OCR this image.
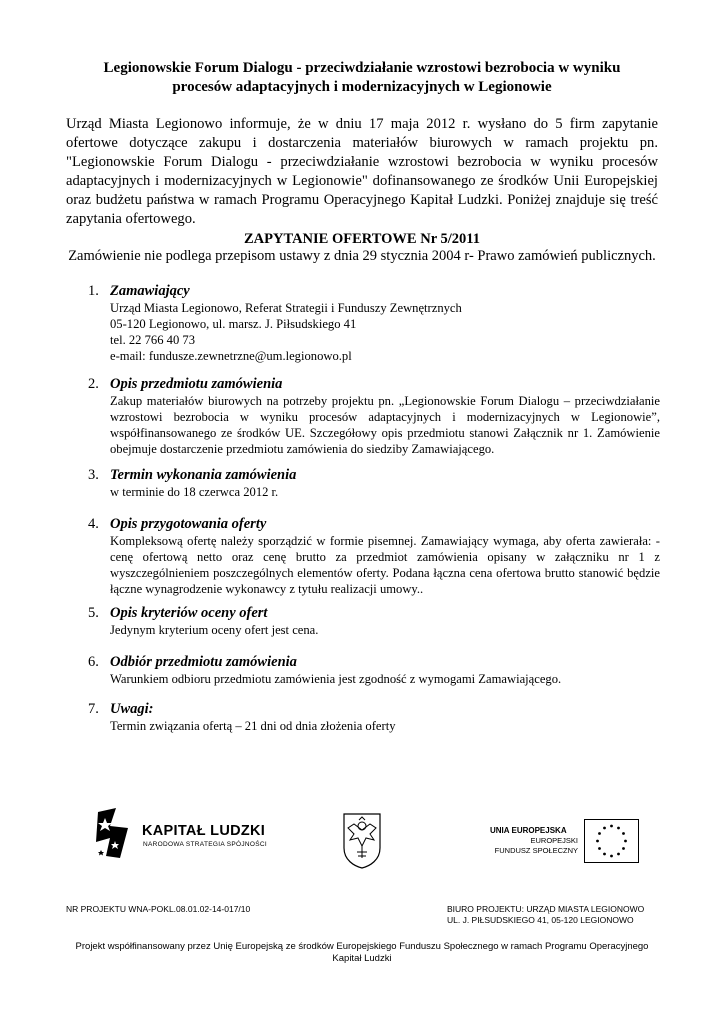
Legionowskie Forum Dialogu - przeciwdziałanie wzrostowi bezrobocia w wyniku
procesów adaptacyjnych i modernizacyjnych w Legionowie
Urząd Miasta Legionowo informuje, że w dniu 17 maja 2012 r. wysłano do 5 firm zapytanie ofertowe dotyczące zakupu i dostarczenia materiałów biurowych w ramach projektu pn. "Legionowskie Forum Dialogu - przeciwdziałanie wzrostowi bezrobocia w wyniku procesów adaptacyjnych i modernizacyjnych w Legionowie" dofinansowanego ze środków Unii Europejskiej oraz budżetu państwa w ramach Programu Operacyjnego Kapitał Ludzki. Poniżej znajduje się treść zapytania ofertowego.
ZAPYTANIE OFERTOWE Nr 5/2011
Zamówienie nie podlega przepisom ustawy z dnia 29 stycznia 2004 r- Prawo zamówień publicznych.
1. Zamawiający
Urząd Miasta Legionowo, Referat Strategii i Funduszy Zewnętrznych
05-120 Legionowo, ul. marsz. J. Piłsudskiego 41
tel. 22 766 40 73
e-mail: fundusze.zewnetrzne@um.legionowo.pl
2. Opis przedmiotu zamówienia
Zakup materiałów biurowych na potrzeby projektu pn. „Legionowskie Forum Dialogu – przeciwdziałanie wzrostowi bezrobocia w wyniku procesów adaptacyjnych i modernizacyjnych w Legionowie”, współfinansowanego ze środków UE. Szczegółowy opis przedmiotu stanowi Załącznik nr 1. Zamówienie obejmuje dostarczenie przedmiotu zamówienia do siedziby Zamawiającego.
3. Termin wykonania zamówienia
w terminie do 18 czerwca 2012 r.
4. Opis przygotowania oferty
Kompleksową ofertę należy sporządzić w formie pisemnej. Zamawiający wymaga, aby oferta zawierała: - cenę ofertową netto oraz cenę brutto za przedmiot zamówienia opisany w załączniku nr 1 z wyszczególnieniem poszczególnych elementów oferty. Podana łączna cena ofertowa brutto stanowić będzie łączne wynagrodzenie wykonawcy z tytułu realizacji umowy..
5. Opis kryteriów oceny ofert
Jedynym kryterium oceny ofert jest cena.
6. Odbiór przedmiotu zamówienia
Warunkiem odbioru przedmiotu zamówienia jest zgodność z wymogami Zamawiającego.
7. Uwagi:
Termin związania ofertą – 21 dni od dnia złożenia oferty
KAPITAŁ LUDZKI
NARODOWA STRATEGIA SPÓJNOŚCI
UNIA EUROPEJSKA
EUROPEJSKI
FUNDUSZ SPOŁECZNY
NR PROJEKTU WNA-POKL.08.01.02-14-017/10	BIURO PROJEKTU: URZĄD MIASTA LEGIONOWO
UL. J. PIŁSUDSKIEGO 41, 05-120 LEGIONOWO
Projekt współfinansowany przez Unię Europejską ze środków Europejskiego Funduszu Społecznego w ramach Programu Operacyjnego
Kapitał Ludzki
